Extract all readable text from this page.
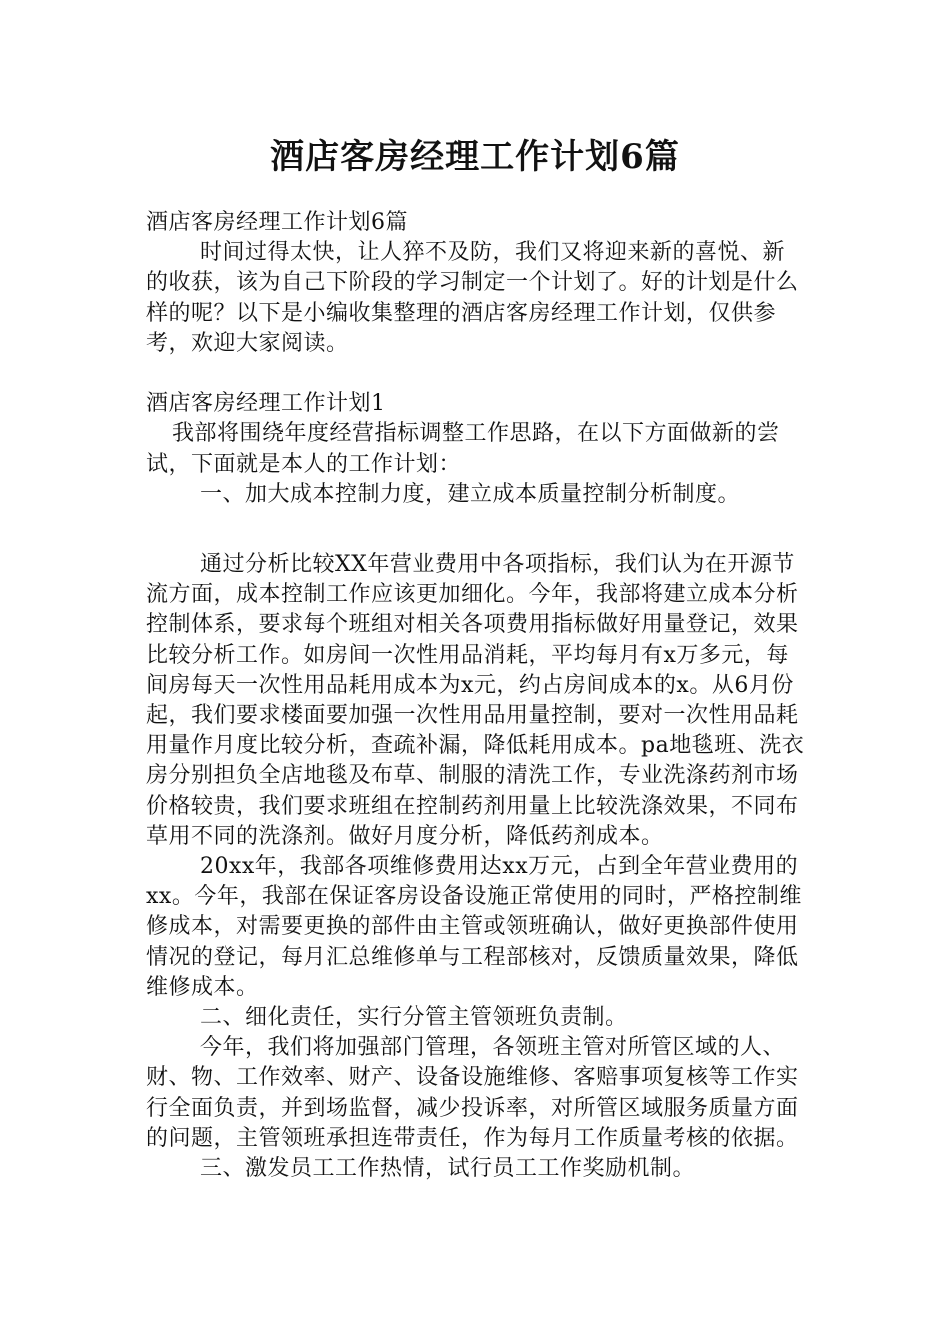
酒店客房经理工作计划6篇

酒店客房经理工作计划6篇

时间过得太快，让人猝不及防，我们又将迎来新的喜悦、新的收获，该为自己下阶段的学习制定一个计划了。好的计划是什么样的呢？以下是小编收集整理的酒店客房经理工作计划，仅供参考，欢迎大家阅读。

酒店客房经理工作计划1

我部将围绕年度经营指标调整工作思路，在以下方面做新的尝试，下面就是本人的工作计划：

一、加大成本控制力度，建立成本质量控制分析制度。

通过分析比较XX年营业费用中各项指标，我们认为在开源节流方面，成本控制工作应该更加细化。今年，我部将建立成本分析控制体系，要求每个班组对相关各项费用指标做好用量登记，效果比较分析工作。如房间一次性用品消耗，平均每月有x万多元，每间房每天一次性用品耗用成本为x元，约占房间成本的x。从6月份起，我们要求楼面要加强一次性用品用量控制，要对一次性用品耗用量作月度比较分析，查疏补漏，降低耗用成本。pa地毯班、洗衣房分别担负全店地毯及布草、制服的清洗工作，专业洗涤药剂市场价格较贵，我们要求班组在控制药剂用量上比较洗涤效果，不同布草用不同的洗涤剂。做好月度分析，降低药剂成本。

20xx年，我部各项维修费用达xx万元，占到全年营业费用的xx。今年，我部在保证客房设备设施正常使用的同时，严格控制维修成本，对需要更换的部件由主管或领班确认，做好更换部件使用情况的登记，每月汇总维修单与工程部核对，反馈质量效果，降低维修成本。

二、细化责任，实行分管主管领班负责制。

今年，我们将加强部门管理，各领班主管对所管区域的人、财、物、工作效率、财产、设备设施维修、客赔事项复核等工作实行全面负责，并到场监督，减少投诉率，对所管区域服务质量方面的问题，主管领班承担连带责任，作为每月工作质量考核的依据。

三、激发员工工作热情，试行员工工作奖励机制。
